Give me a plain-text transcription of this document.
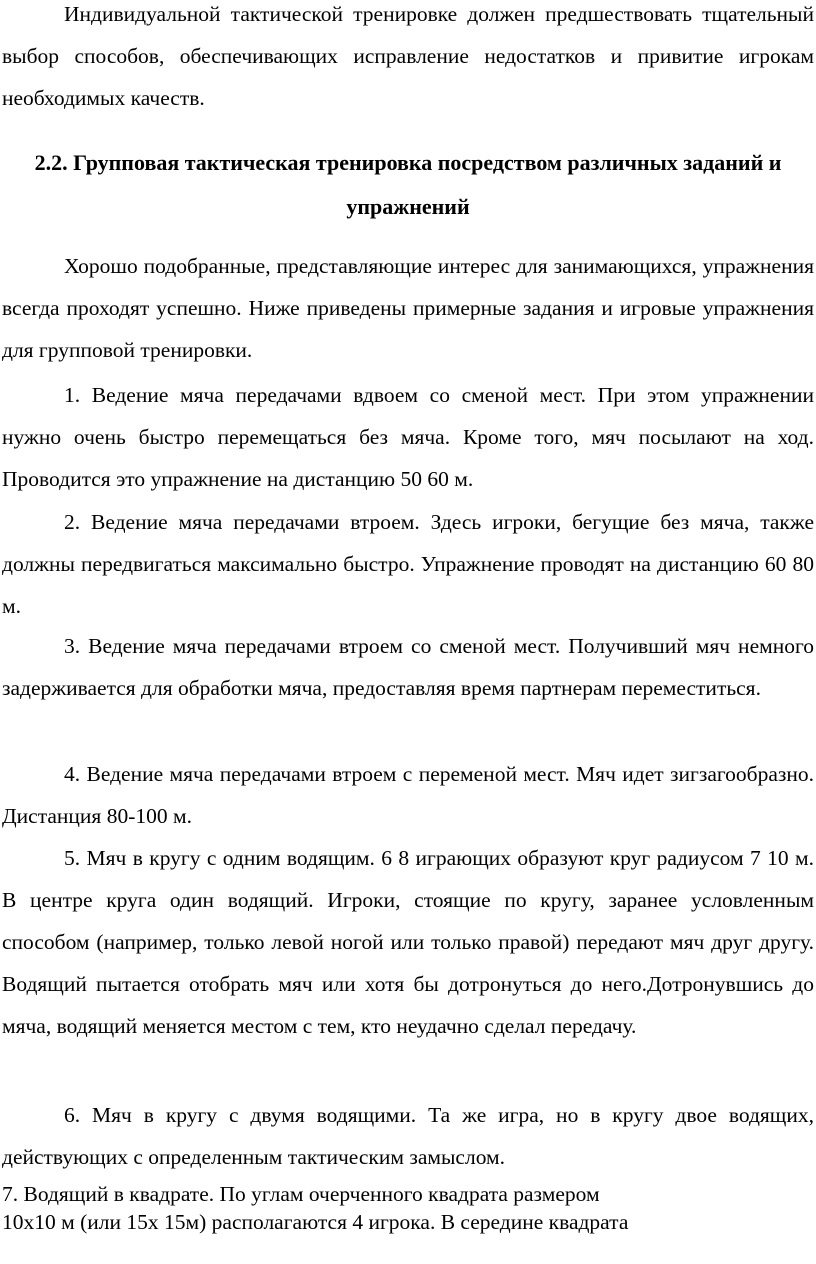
Индивидуальной тактической тренировке должен предшествовать тщательный выбор способов, обеспечивающих исправление недостатков и привитие игрокам необходимых качеств.

2.2. Групповая тактическая тренировка посредством различных заданий и упражнений

Хорошо подобранные, представляющие интерес для занимающихся, упражнения всегда проходят успешно. Ниже приведены примерные задания и игровые упражнения для групповой тренировки.

1. Ведение мяча передачами вдвоем со сменой мест. При этом упражнении нужно очень быстро перемещаться без мяча. Кроме того, мяч посылают на ход. Проводится это упражнение на дистанцию 50 60 м.

2. Ведение мяча передачами втроем. Здесь игроки, бегущие без мяча, также должны передвигаться максимально быстро. Упражнение проводят на дистанцию 60 80 м.

3. Ведение мяча передачами втроем со сменой мест. Получивший мяч немного задерживается для обработки мяча, предоставляя время партнерам переместиться.

4. Ведение мяча передачами втроем с переменой мест. Мяч идет зигзагообразно. Дистанция 80-100 м.

5. Мяч в кругу с одним водящим. 6 8 играющих образуют круг радиусом 7 10 м. В центре круга один водящий. Игроки, стоящие по кругу, заранее условленным способом (например, только левой ногой или только правой) передают мяч друг другу. Водящий пытается отобрать мяч или хотя бы дотронуться до него.Дотронувшись до мяча, водящий меняется местом с тем, кто неудачно сделал передачу.

6. Мяч в кругу с двумя водящими. Та же игра, но в кругу двое водящих, действующих с определенным тактическим замыслом.

7. Водящий в квадрате. По углам очерченного квадрата размером
10х10 м (или 15х 15м) располагаются 4 игрока. В середине квадрата
